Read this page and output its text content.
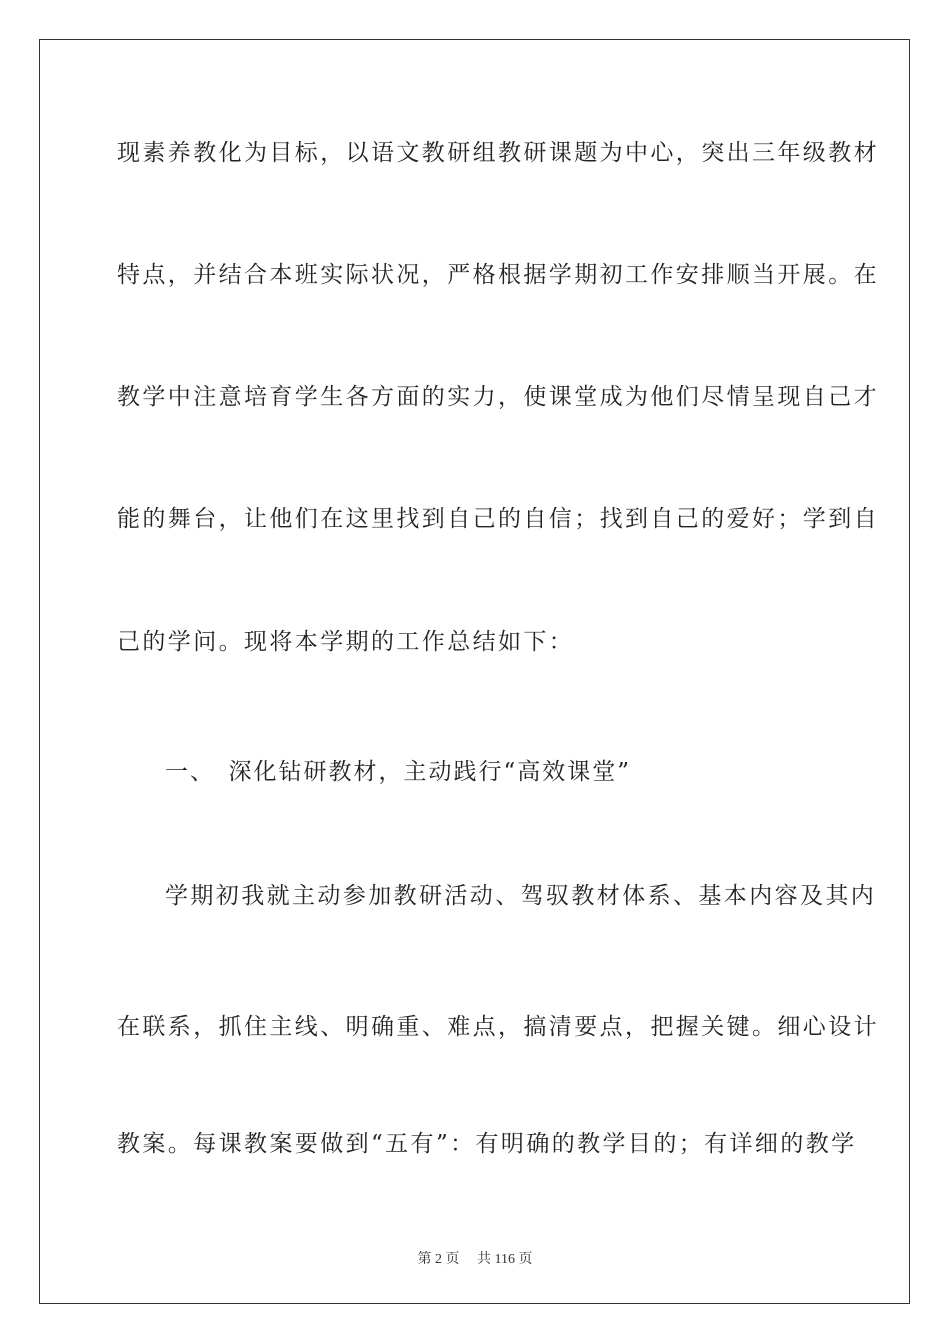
现素养教化为目标，以语文教研组教研课题为中心，突出三年级教材
特点，并结合本班实际状况，严格根据学期初工作安排顺当开展。在
教学中注意培育学生各方面的实力，使课堂成为他们尽情呈现自己才
能的舞台，让他们在这里找到自己的自信；找到自己的爱好；学到自
己的学问。现将本学期的工作总结如下：
一、　深化钻研教材，主动践行“高效课堂”
学期初我就主动参加教研活动、驾驭教材体系、基本内容及其内
在联系，抓住主线、明确重、难点，搞清要点，把握关键。细心设计
教案。每课教案要做到“五有”：有明确的教学目的；有详细的教学
第 2 页　 共 116 页
